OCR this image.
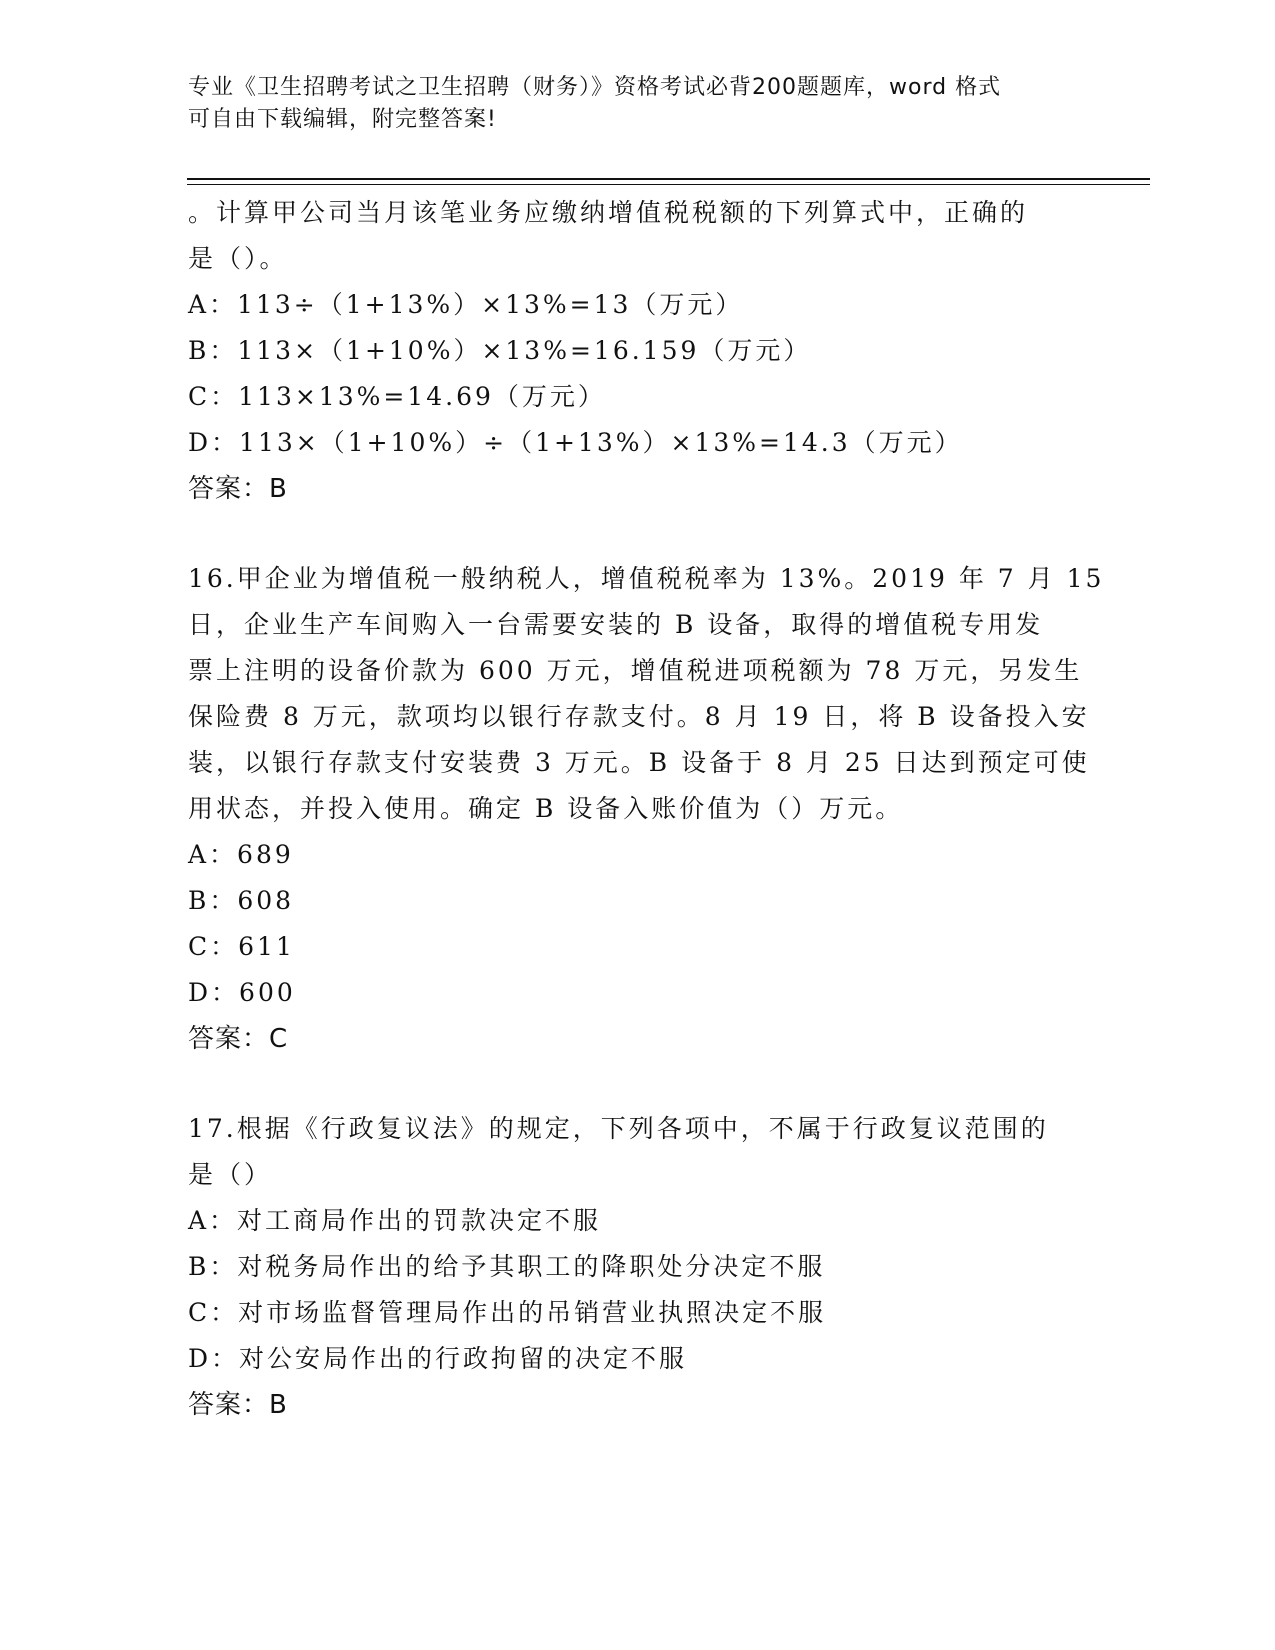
专业《卫生招聘考试之卫生招聘（财务）》资格考试必背200题题库，word 格式
可自由下载编辑，附完整答案!
。计算甲公司当月该笔业务应缴纳增值税税额的下列算式中，正确的
是（）。
A：113÷（1+13%）×13%=13（万元）
B：113×（1+10%）×13%=16.159（万元）
C：113×13%=14.69（万元）
D：113×（1+10%）÷（1+13%）×13%=14.3（万元）
答案：B
16.甲企业为增值税一般纳税人，增值税税率为 13%。2019 年 7 月 15
日，企业生产车间购入一台需要安装的 B 设备，取得的增值税专用发
票上注明的设备价款为 600 万元，增值税进项税额为 78 万元，另发生
保险费 8 万元，款项均以银行存款支付。8 月 19 日，将 B 设备投入安
装，以银行存款支付安装费 3 万元。B 设备于 8 月 25 日达到预定可使
用状态，并投入使用。确定 B 设备入账价值为（）万元。
A：689
B：608
C：611
D：600
答案：C
17.根据《行政复议法》的规定，下列各项中，不属于行政复议范围的
是（）
A：对工商局作出的罚款决定不服
B：对税务局作出的给予其职工的降职处分决定不服
C：对市场监督管理局作出的吊销营业执照决定不服
D：对公安局作出的行政拘留的决定不服
答案：B
